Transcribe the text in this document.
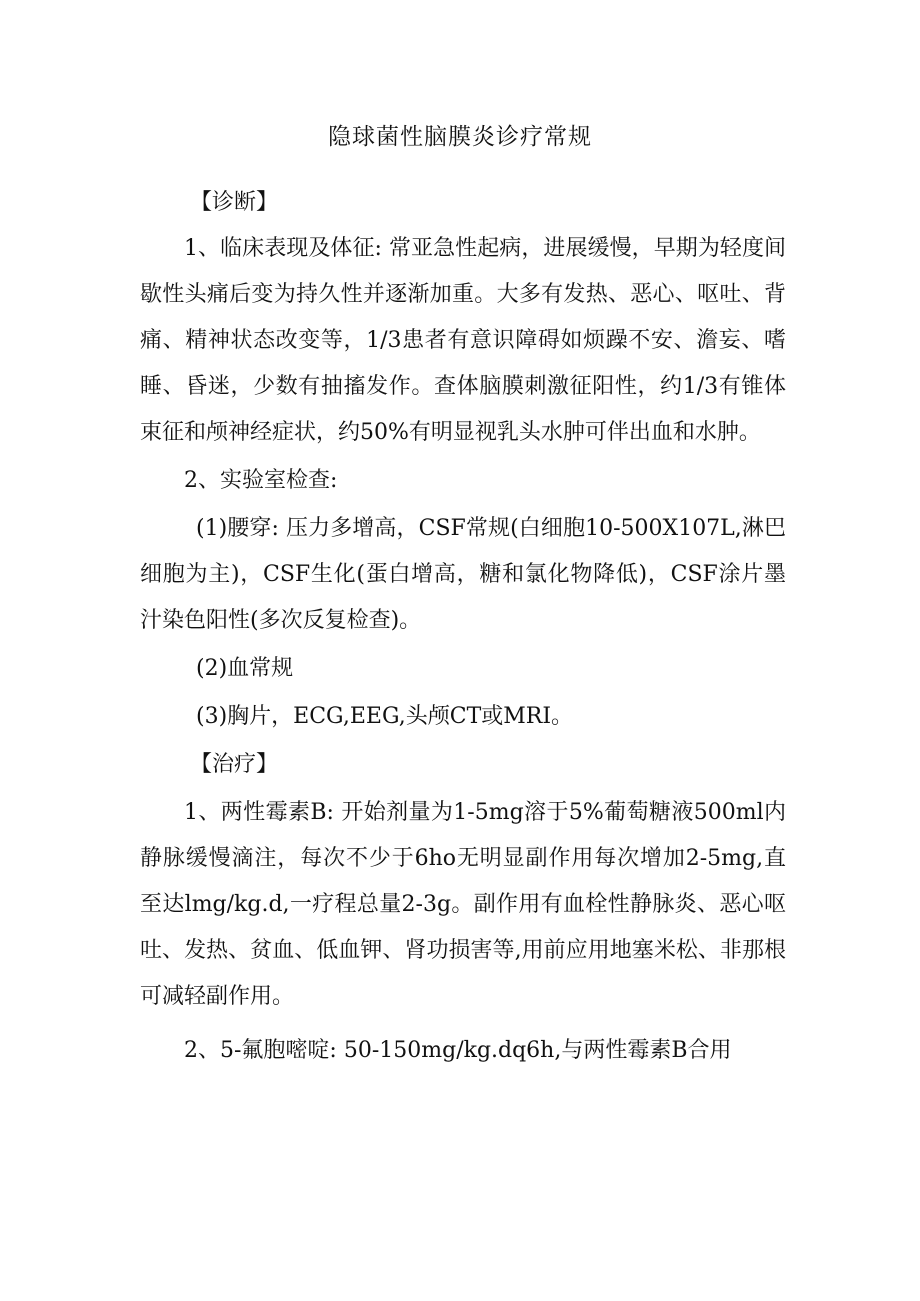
隐球菌性脑膜炎诊疗常规

【诊断】

1、临床表现及体征: 常亚急性起病，进展缓慢，早期为轻度间歇性头痛后变为持久性并逐渐加重。大多有发热、恶心、呕吐、背痛、精神状态改变等，1/3患者有意识障碍如烦躁不安、澹妄、嗜睡、昏迷，少数有抽搐发作。查体脑膜刺激征阳性，约1/3有锥体束征和颅神经症状，约50%有明显视乳头水肿可伴出血和水肿。

2、实验室检查:

(1)腰穿: 压力多增高，CSF常规(白细胞10-500X107L,淋巴细胞为主)，CSF生化(蛋白增高，糖和氯化物降低)，CSF涂片墨汁染色阳性(多次反复检查)。

(2)血常规

(3)胸片，ECG,EEG,头颅CT或MRI。

【治疗】

1、两性霉素B: 开始剂量为1-5mg溶于5%葡萄糖液500ml内静脉缓慢滴注，每次不少于6ho无明显副作用每次增加2-5mg,直至达lmg/kg.d,一疗程总量2-3g。副作用有血栓性静脉炎、恶心呕吐、发热、贫血、低血钾、肾功损害等,用前应用地塞米松、非那根可减轻副作用。

2、5-氟胞嘧啶: 50-150mg/kg.dq6h,与两性霉素B合用
